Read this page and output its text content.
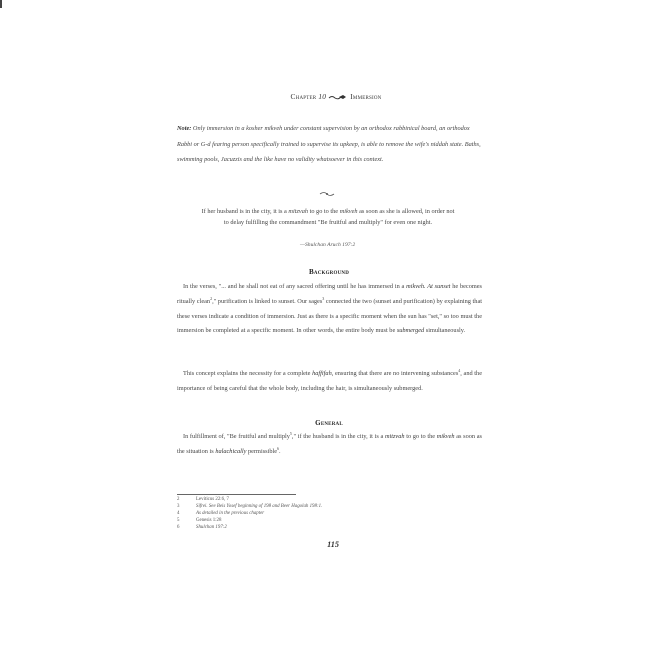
Chapter 10	Immersion

Note: Only immersion in a kosher mikveh under constant supervision by an orthodox rabbinical board, an orthodox Rabbi or G-d fearing person specifically trained to supervise its upkeep, is able to remove the wife's niddah state. Baths, swimming pools, Jacuzzis and the like have no validity whatsoever in this context.

If her husband is in the city, it is a mitzvah to go to the mikveh as soon as she is allowed, in order not to delay fulfilling the commandment "Be fruitful and multiply" for even one night.

—Shulchan Aruch 197:2

Background

In the verses, "... and he shall not eat of any sacred offering until he has immersed in a mikveh. At sunset he becomes ritually clean$^2$," purification is linked to sunset. Our sages$^3$ connected the two (sunset and purification) by explaining that these verses indicate a condition of immersion. Just as there is a specific moment when the sun has "set," so too must the immersion be completed at a specific moment. In other words, the entire body must be submerged simultaneously.

This concept explains the necessity for a complete haffifah, ensuring that there are no intervening substances$^4$, and the importance of being careful that the whole body, including the hair, is simultaneously submerged.

General

In fulfillment of, "Be fruitful and multiply$^5$," if the husband is in the city, it is a mitzvah to go to the mikveh as soon as the situation is halachically permissible$^6$.

2	Leviticus 22:6, 7

3	Sifrei. See Beis Yosef beginning of 198 and Beer Hagolah 198:1.

4	As detailed in the previous chapter

5	Genesis 1:28

6	Shulchan 197:2

115
